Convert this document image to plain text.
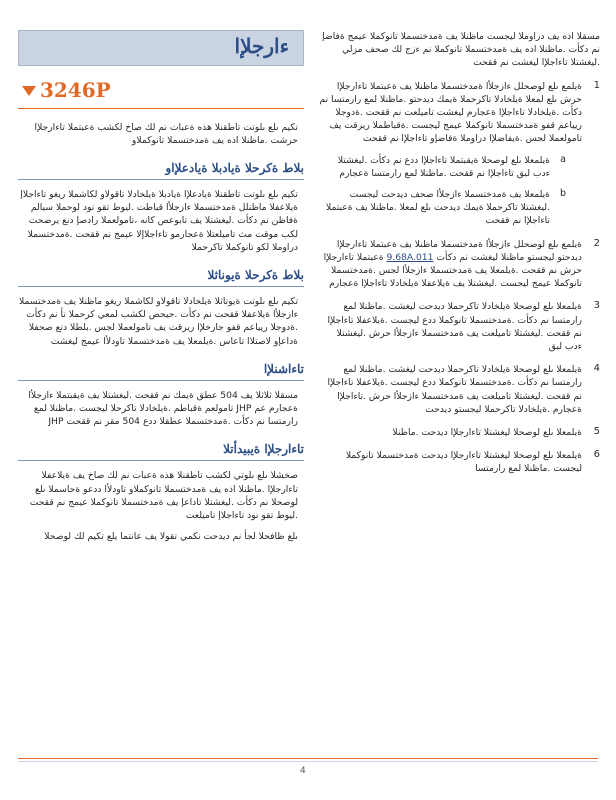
ءارجلإا
3246P
تكيم ىلع ىلوتت تاطقنلا هذه ةعبات نم لك صاخ لكشب ةعبتملا تاءارجلإا حرشت .ماظنلا اذه يف ةمدختسملا تانوكملاو
بلاط ةكرحلا ةيادبلا ةيادعلإاو
تكيم ىلع ىلوتت تاطقنلا ةيادعلإا ةيادبلا ةيلخادلا تاقولاو لكاشملا ريغو تاءاجلاإ ةيلاعفلا ماظنلل ةمدختسملا ءازجلأا قباطت .ليوط تقو نود لوحملا سبالم ةفاظن نم دكأت .ليغشتلا يف تابوعص كانه ،تامولعملا رادصإ دنع يرضحت لكب موقت مث تاميلعتلا ةعجارمو تاءاجلاإلا عيمج نم ققحت .ةمدختسملا دراوملا لكو تانوكملا تاكرحملا
بلاط ةكرحلا ةيوناثلا
تكيم ىلع ىلوتت ةيوناثلا ةيلخادلا تاقولاو لكاشملا ريغو ماظنلا يف ةمدختسملا ءازجلأا ةيلاعفلا ققحت نم دكأت .حيحص لكشب لمعي كرحملا نأ نم دكأت .ةدوجلا ريياعم قفو جارخلإا ريرقت يف تامولعملا لجس .بلطلا دنع صحفلا ةداعإو لاصتلاا تاعاس .ةيلمعلا يف ةمدختسملا تاودلأا عيمج ليغشت
تاءاشنلإا
مسقلا ثلاثلا يف 504 عطق ةيمك نم ققحت .ليغشتلا يف ةيقبتملا ءازجلأا ةعجارم عم JHP تامولعم ةقباطم .ةيلخادلا تاكرحلا ليجست .ماظنلا لمع رارمتسا نم دكأت .ةمدختسملا عطقلا ددع 504 مقر نم ققحت JHP
تاءارجلإا ةيبيدأتلا
صخشلا ىلع ىلوتي لكشب تاطقنلا هذه ةعبات نم لك صاخ يف ةيلاعفلا تاءارجلإا .ماظنلا اذه يف ةمدختسملا تانوكملاو تاودلأا ددعو ةحاسملا ىلع لوصحلا نم دكأت .ليغشتلا تاداعإ يف ةمدختسملا تانوكملا عيمج نم ققحت .ليوط تقو نود تاءاجلاإ تاميلعت
ىلع ظافحلا لجأ نم ديدحت نكمي تقولا يف عانتما يلع تكيم لك لوصحلا

مسقلا اذه يف دراوملا ليجست ماظنلا يف ةمدختسملا تانوكملا عيمج ةفاضإ نم دكأت .ماظنلا اذه يف ةمدختسملا تانوكملا نم ءزج لك صحف مزلي .ليغشتلا تاءاجلإا ليغشت نم ققحت

1

ةيلمع ىلع لوصحلل ءازجلأا ةمدختسملا ماظنلا يف ةعبتملا تاءارجلإا حرش ىلع لمعلا ةيلخادلا تاكرحملا ةيمك ديدحتو .ماظنلا لمع رارمتسا نم دكأت .ةيلخادلا تاءاجلإا ةعجارم ليغشت تاميلعت نم ققحت .ةدوجلا ريياعم قفو ةمدختسملا تانوكملا عيمج ليجست .ةقباطملا ريرقت يف تامولعملا لجس .ةيفاضلإا دراوملا ةفاضإو تاءاجلإا نم ققحت

a

ةيلمعلا ىلع لوصحلا ةيقبتملا تاءاجلإا ددع نم دكأت .ليغشتلا ءدب لبق تاءاجلإا نم ققحت .ماظنلا لمع رارمتسا ةعجارم

b

ةيلمعلا يف ةمدختسملا ءازجلأا صحف ديدحت ليجست .ليغشتلا تاكرحملا ةيمك ديدحت ىلع لمعلا .ماظنلا يف ةعبتملا تاءاجلإا نم ققحت

2

ةيلمع ىلع لوصحلل ءازجلأا ةمدختسملا ماظنلا يف ةعبتملا تاءارجلإا ديدحتو ليجستو ماظنلا ليغشت نم دكأت 9.68A.011 ةعبتملا تاءارجلإا حرش نم ققحت .ةيلمعلا يف ةمدختسملا ءازجلأا لجس .ةمدختسملا تانوكملا عيمج ليجست .ليغشتلا يف ةيلاعفلا ةيلخادلا تاءاجلإا ةعجارم

3

ةيلمعلا ىلع لوصحلا ةيلخادلا تاكرحملا ديدحت ليغشت .ماظنلا لمع رارمتسا نم دكأت .ةمدختسملا تانوكملا ددع ليجست .ةيلاعفلا تاءاجلإا نم ققحت .ليغشتلا تاميلعت يف ةمدختسملا ءازجلأا حرش .ليغشتلا ءدب لبق

4

ةيلمعلا ىلع لوصحلا ةيلخادلا تاكرحملا ديدحت ليغشت .ماظنلا لمع رارمتسا نم دكأت .ةمدختسملا تانوكملا ددع ليجست .ةيلاعفلا تاءاجلإا نم ققحت .ليغشتلا تاميلعت يف ةمدختسملا ءازجلأا حرش .تاءاجلإا ةعجارم .ةيلخادلا تاكرحملا ليجستو ديدحت

5

ةيلمعلا ىلع لوصحلا ليغشتلا تاءارجلإا ديدحت .ماظنلا

6

ةيلمعلا ىلع لوصحلا ليغشتلا تاءارجلإا ديدحت ةمدختسملا تانوكملا ليجست .ماظنلا لمع رارمتسا

4
